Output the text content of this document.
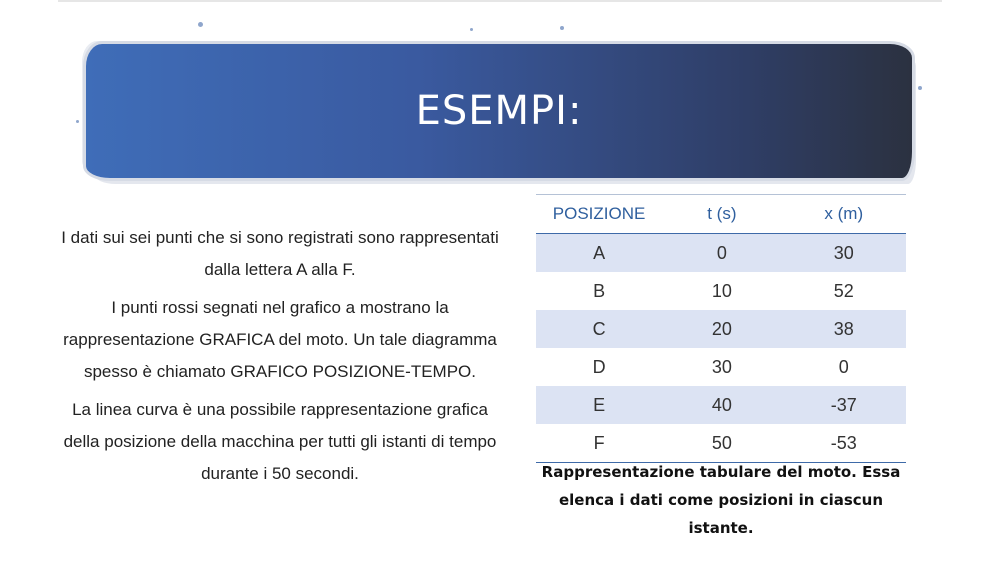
ESEMPI:

I dati sui sei punti che si sono registrati sono rappresentati dalla lettera A alla F.

I punti rossi segnati nel grafico a mostrano la rappresentazione GRAFICA del moto. Un tale diagramma spesso è chiamato GRAFICO POSIZIONE-TEMPO.

La linea curva è una possibile rappresentazione grafica della posizione della macchina per tutti gli istanti di tempo durante i 50 secondi.

POSIZIONE	t (s)	x (m)
A	0	30
B	10	52
C	20	38
D	30	0
E	40	-37
F	50	-53
Rappresentazione tabulare del moto. Essa elenca i dati come posizioni in ciascun istante.
